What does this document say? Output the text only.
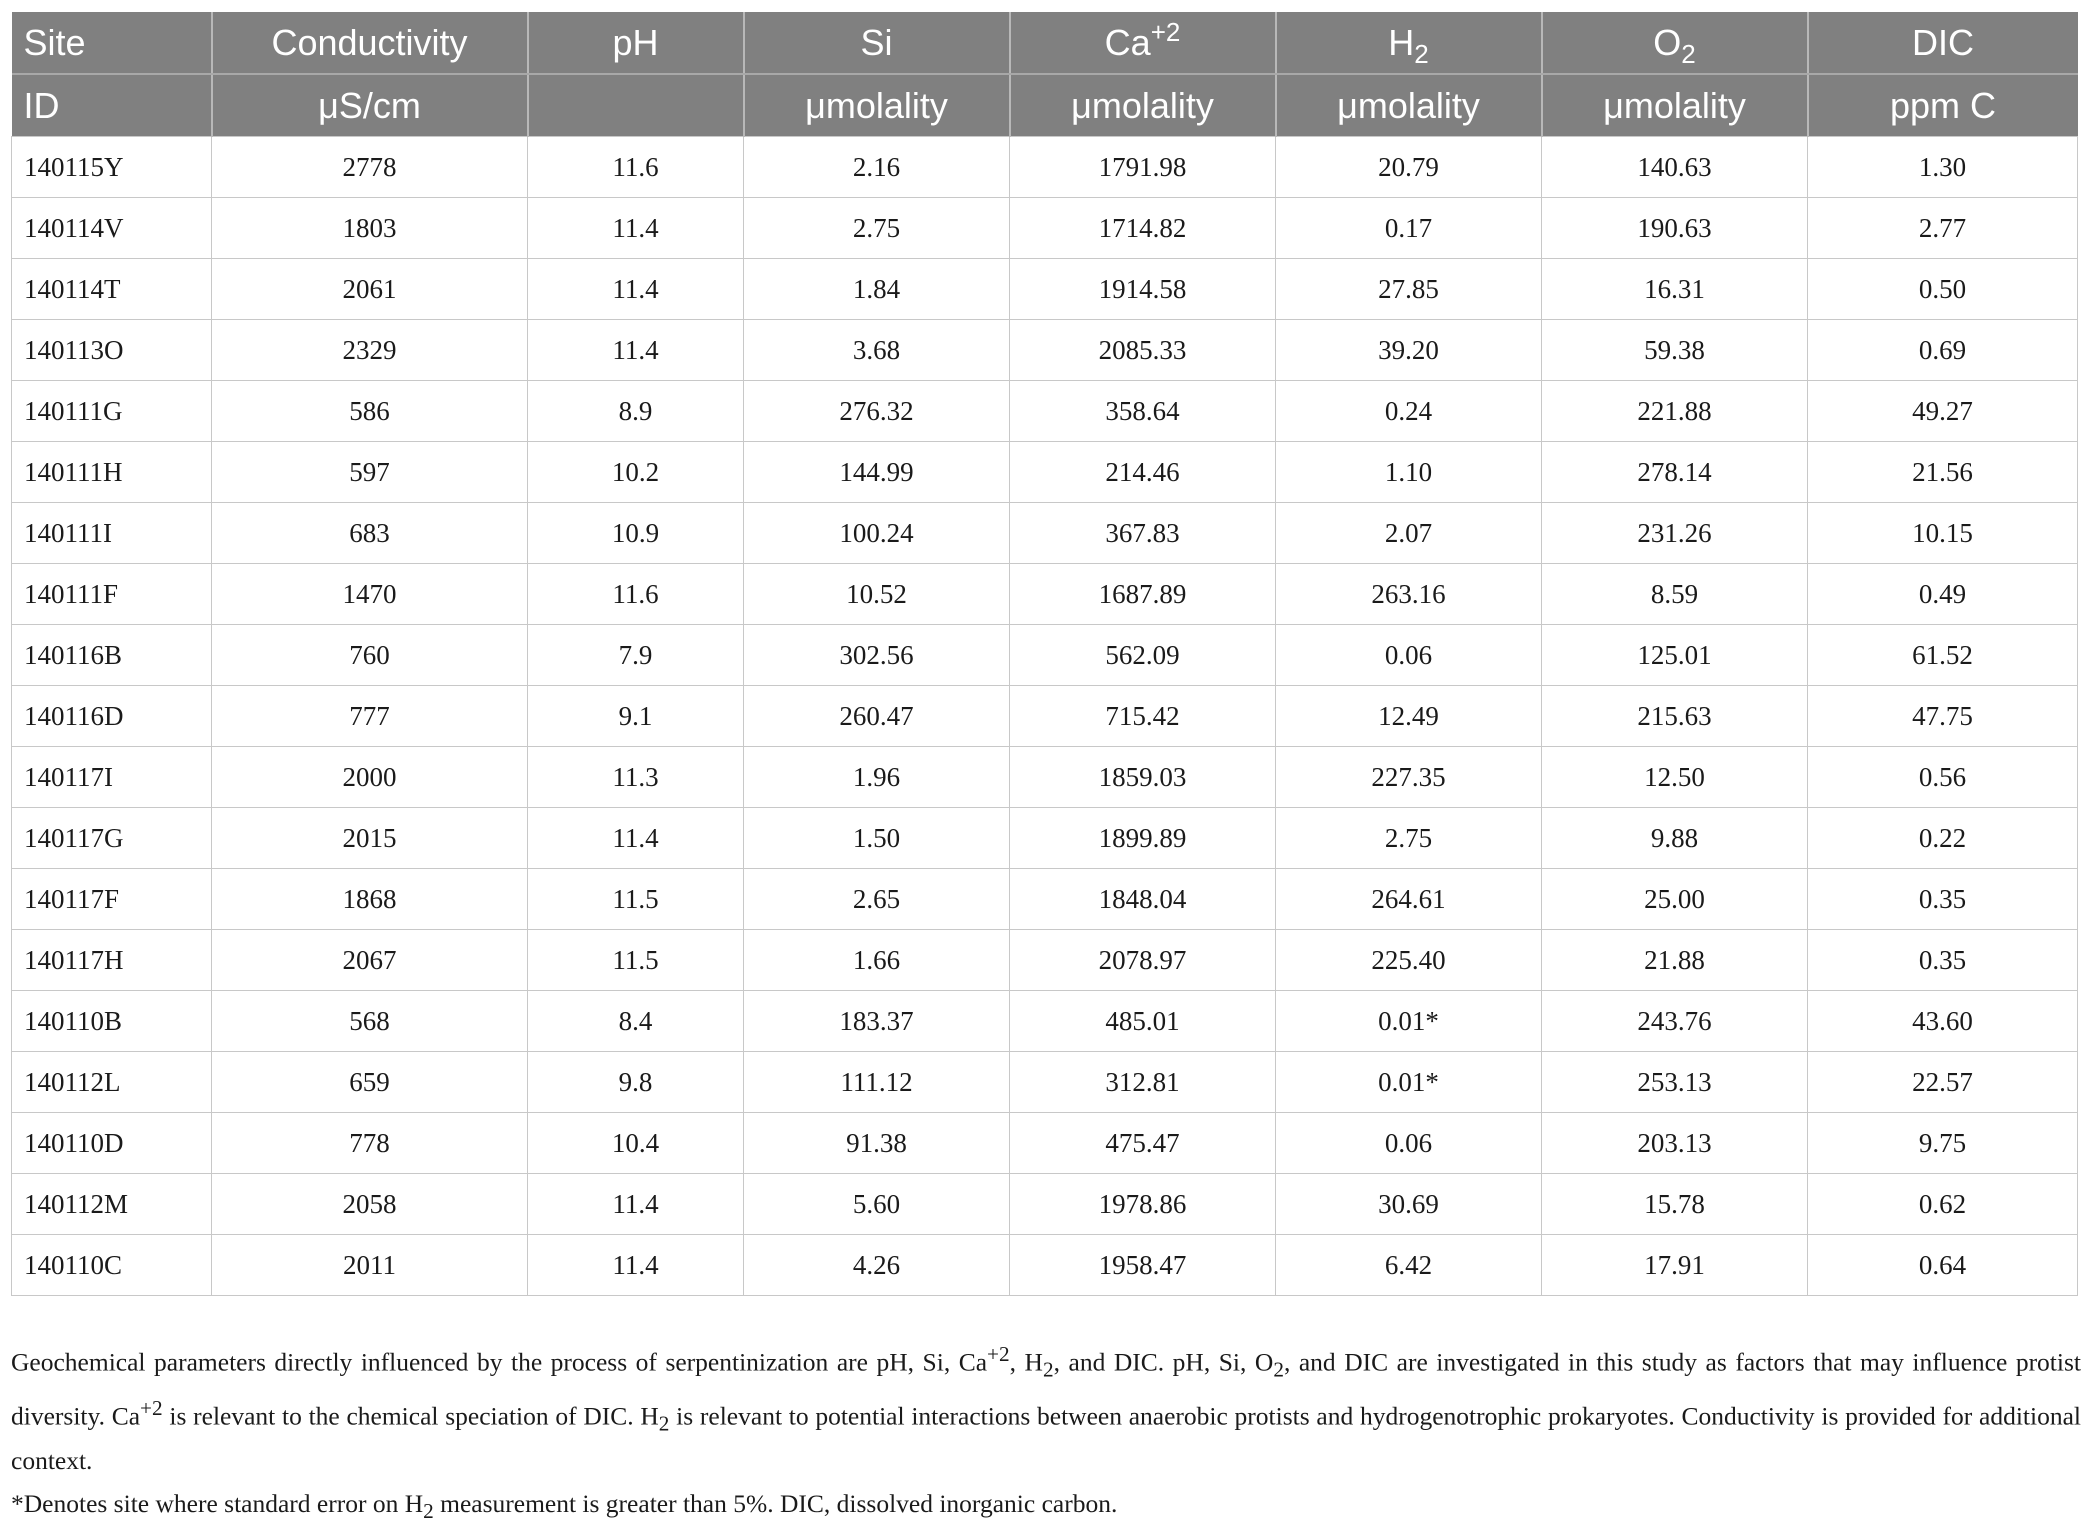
Site	Conductivity	pH	Si	$Ca^{+2}$	$H_2$	$O_2$	DIC
ID	μS/cm		μmolality	μmolality	μmolality	μmolality	ppm C
140115Y	2778	11.6	2.16	1791.98	20.79	140.63	1.30
140114V	1803	11.4	2.75	1714.82	0.17	190.63	2.77
140114T	2061	11.4	1.84	1914.58	27.85	16.31	0.50
140113O	2329	11.4	3.68	2085.33	39.20	59.38	0.69
140111G	586	8.9	276.32	358.64	0.24	221.88	49.27
140111H	597	10.2	144.99	214.46	1.10	278.14	21.56
140111I	683	10.9	100.24	367.83	2.07	231.26	10.15
140111F	1470	11.6	10.52	1687.89	263.16	8.59	0.49
140116B	760	7.9	302.56	562.09	0.06	125.01	61.52
140116D	777	9.1	260.47	715.42	12.49	215.63	47.75
140117I	2000	11.3	1.96	1859.03	227.35	12.50	0.56
140117G	2015	11.4	1.50	1899.89	2.75	9.88	0.22
140117F	1868	11.5	2.65	1848.04	264.61	25.00	0.35
140117H	2067	11.5	1.66	2078.97	225.40	21.88	0.35
140110B	568	8.4	183.37	485.01	0.01*	243.76	43.60
140112L	659	9.8	111.12	312.81	0.01*	253.13	22.57
140110D	778	10.4	91.38	475.47	0.06	203.13	9.75
140112M	2058	11.4	5.60	1978.86	30.69	15.78	0.62
140110C	2011	11.4	4.26	1958.47	6.42	17.91	0.64

Geochemical parameters directly influenced by the process of serpentinization are pH, Si, $Ca^{+2}$, $H_2$, and DIC. pH, Si, $O_2$, and DIC are investigated in this study as factors that may influence protist diversity. $Ca^{+2}$ is relevant to the chemical speciation of DIC. $H_2$ is relevant to potential interactions between anaerobic protists and hydrogenotrophic prokaryotes. Conductivity is provided for additional context.

*Denotes site where standard error on $H_2$ measurement is greater than 5%. DIC, dissolved inorganic carbon.
